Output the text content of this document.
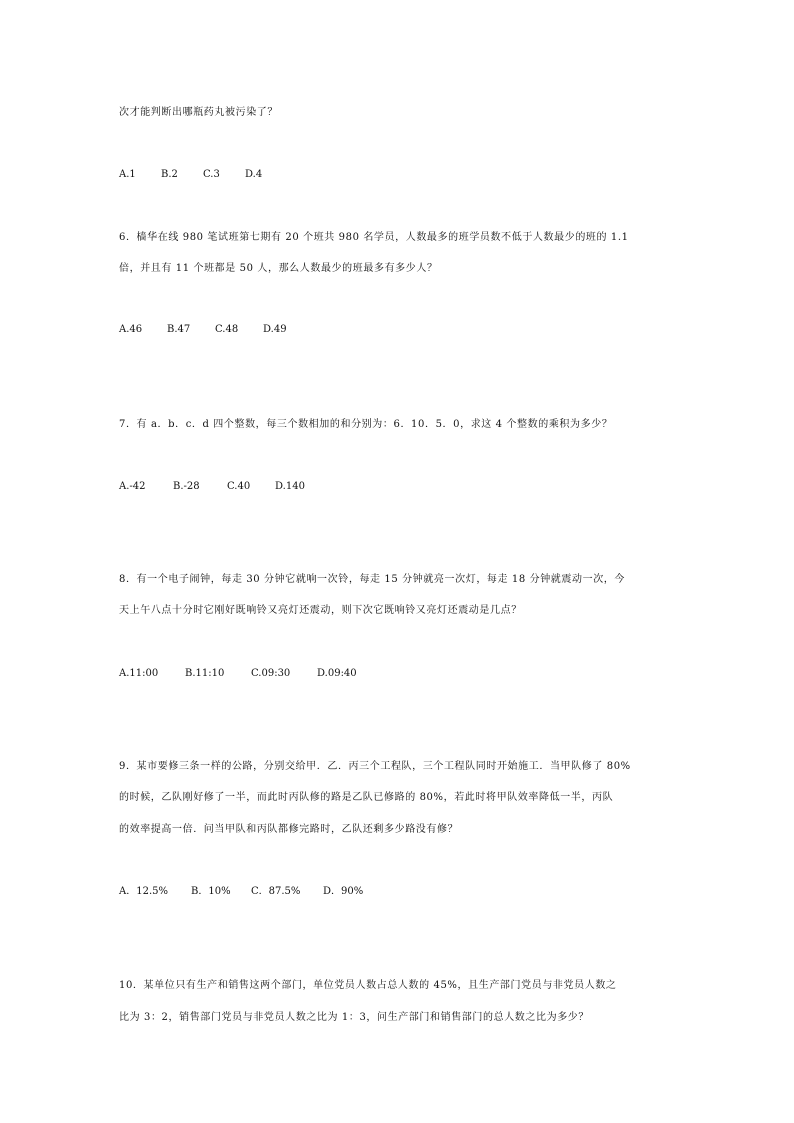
次才能判断出哪瓶药丸被污染了？
A.1	B.2	C.3	D.4
6．樯华在线 980 笔试班第七期有 20 个班共 980 名学员，人数最多的班学员数不低于人数最少的班的 1.1
倍，并且有 11 个班都是 50 人，那么人数最少的班最多有多少人？
A.46	B.47	C.48	D.49
7．有 a．b．c．d 四个整数，每三个数相加的和分别为：6．10．5．0，求这 4 个整数的乘积为多少？
A.-42	B.-28	C.40	D.140
8．有一个电子闹钟，每走 30 分钟它就响一次铃，每走 15 分钟就亮一次灯，每走 18 分钟就震动一次，今
天上午八点十分时它刚好既响铃又亮灯还震动，则下次它既响铃又亮灯还震动是几点？
A.11:00	B.11:10	C.09:30	D.09:40
9．某市要修三条一样的公路，分别交给甲．乙．丙三个工程队，三个工程队同时开始施工．当甲队修了 80%
的时候，乙队刚好修了一半，而此时丙队修的路是乙队已修路的 80%，若此时将甲队效率降低一半，丙队
的效率提高一倍．问当甲队和丙队都修完路时，乙队还剩多少路没有修？
A．12.5%	B．10%	C．87.5%	D．90%
10．某单位只有生产和销售这两个部门，单位党员人数占总人数的 45%，且生产部门党员与非党员人数之
比为 3：2，销售部门党员与非党员人数之比为 1：3，问生产部门和销售部门的总人数之比为多少？
